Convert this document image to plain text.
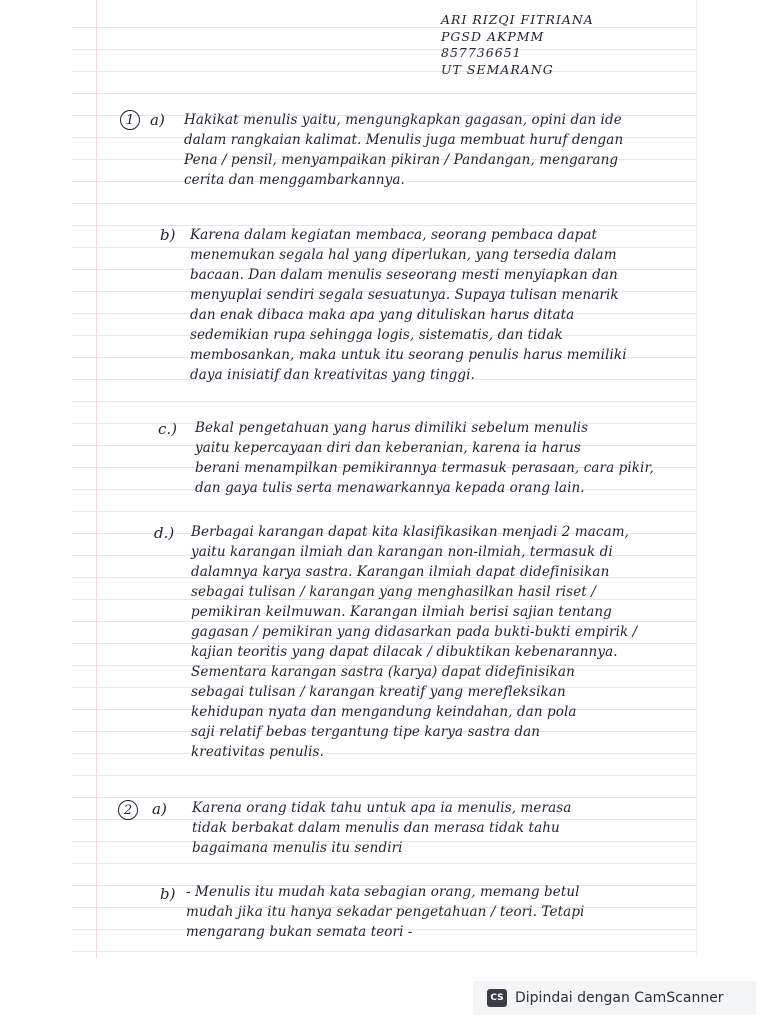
ARI RIZQI FITRIANA
PGSD AKPMM
857736651
UT SEMARANG
1	a) Hakikat menulis yaitu, mengungkapkan gagasan, opini dan ide
dalam rangkaian kalimat. Menulis juga membuat huruf dengan
Pena / pensil, menyampaikan pikiran / Pandangan, mengarang
cerita dan menggambarkannya.
b) Karena dalam kegiatan membaca, seorang pembaca dapat
menemukan segala hal yang diperlukan, yang tersedia dalam
bacaan. Dan dalam menulis seseorang mesti menyiapkan dan
menyuplai sendiri segala sesuatunya. Supaya tulisan menarik
dan enak dibaca maka apa yang dituliskan harus ditata
sedemikian rupa sehingga logis, sistematis, dan tidak
membosankan, maka untuk itu seorang penulis harus memiliki
daya inisiatif dan kreativitas yang tinggi.
c.) Bekal pengetahuan yang harus dimiliki sebelum menulis
yaitu kepercayaan diri dan keberanian, karena ia harus
berani menampilkan pemikirannya termasuk perasaan, cara pikir,
dan gaya tulis serta menawarkannya kepada orang lain.
d.) Berbagai karangan dapat kita klasifikasikan menjadi 2 macam,
yaitu karangan ilmiah dan karangan non-ilmiah, termasuk di
dalamnya karya sastra. Karangan ilmiah dapat didefinisikan
sebagai tulisan / karangan yang menghasilkan hasil riset /
pemikiran keilmuwan. Karangan ilmiah berisi sajian tentang
gagasan / pemikiran yang didasarkan pada bukti-bukti empirik /
kajian teoritis yang dapat dilacak / dibuktikan kebenarannya.
Sementara karangan sastra (karya) dapat didefinisikan
sebagai tulisan / karangan kreatif yang merefleksikan
kehidupan nyata dan mengandung keindahan, dan pola
saji relatif bebas tergantung tipe karya sastra dan
kreativitas penulis.
2	a) Karena orang tidak tahu untuk apa ia menulis, merasa
tidak berbakat dalam menulis dan merasa tidak tahu
bagaimana menulis itu sendiri
b) - Menulis itu mudah kata sebagian orang, memang betul
mudah jika itu hanya sekadar pengetahuan / teori. Tetapi
mengarang bukan semata teori -
CS Dipindai dengan CamScanner
